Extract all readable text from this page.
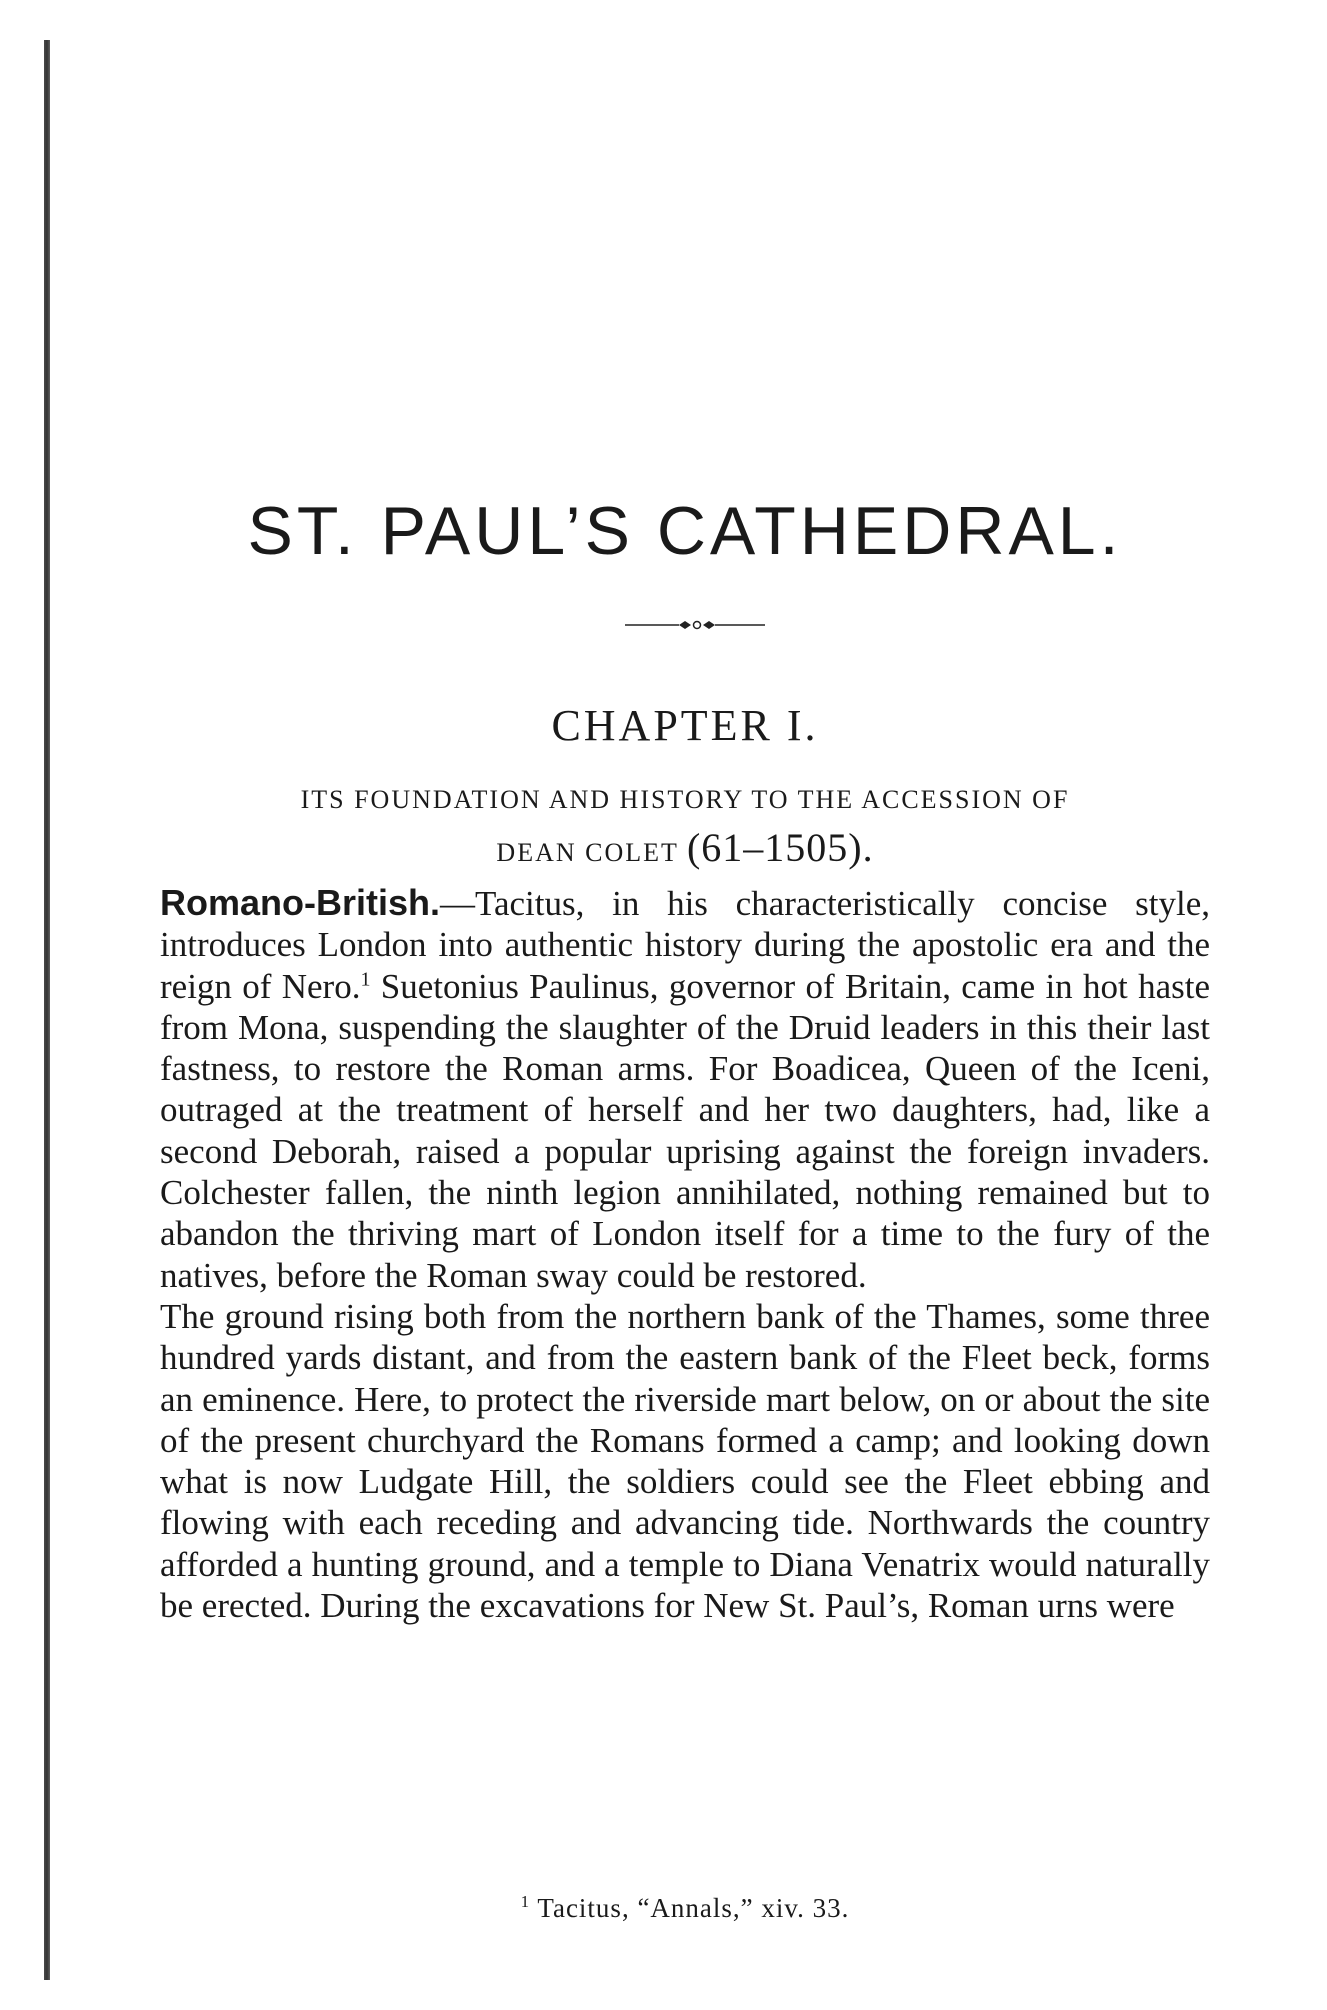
ST. PAUL’S CATHEDRAL.
CHAPTER I.
ITS FOUNDATION AND HISTORY TO THE ACCESSION OF
DEAN COLET (61–1505).

Romano-British.—Tacitus, in his characteristically concise style, introduces London into authentic history during the apostolic era and the reign of Nero.$^1$ Suetonius Paulinus, governor of Britain, came in hot haste from Mona, suspending the slaughter of the Druid leaders in this their last fastness, to restore the Roman arms. For Boadicea, Queen of the Iceni, outraged at the treatment of herself and her two daughters, had, like a second Deborah, raised a popular uprising against the foreign invaders. Colchester fallen, the ninth legion annihilated, nothing remained but to abandon the thriving mart of London itself for a time to the fury of the natives, before the Roman sway could be restored.

The ground rising both from the northern bank of the Thames, some three hundred yards distant, and from the eastern bank of the Fleet beck, forms an eminence. Here, to protect the riverside mart below, on or about the site of the present churchyard the Romans formed a camp; and looking down what is now Ludgate Hill, the soldiers could see the Fleet ebbing and flowing with each receding and advancing tide. Northwards the country afforded a hunting ground, and a temple to Diana Venatrix would naturally be erected. During the excavations for New St. Paul’s, Roman urns were

$^1$ Tacitus, “Annals,” xiv. 33.
